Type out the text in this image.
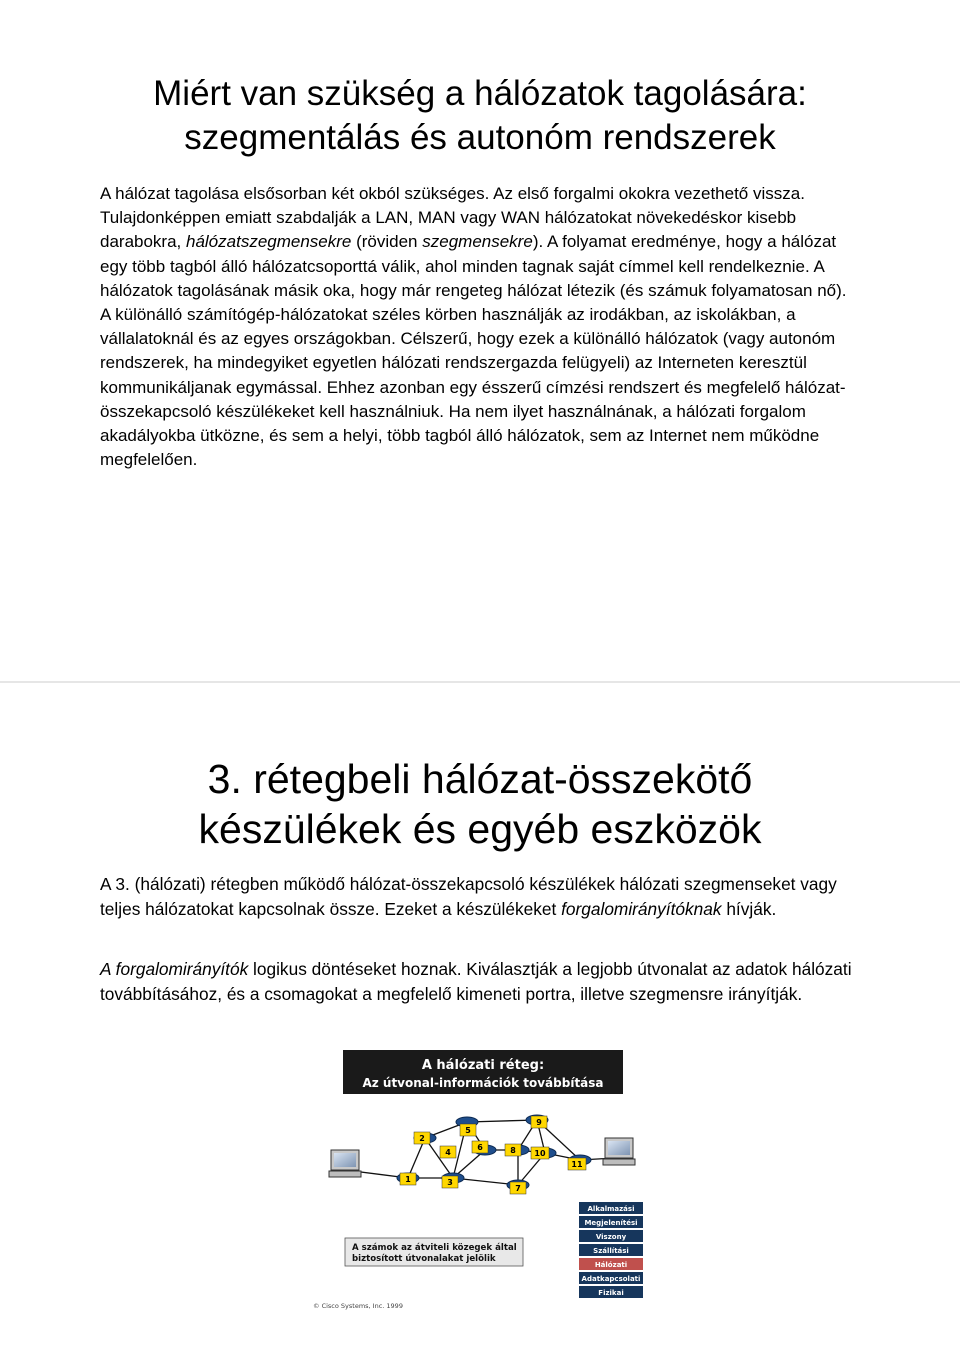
Miért van szükség a hálózatok tagolására:
szegmentálás és autonóm rendszerek

A hálózat tagolása elsősorban két okból szükséges. Az első forgalmi okokra vezethető vissza. Tulajdonképpen emiatt szabdalják a LAN, MAN vagy WAN hálózatokat növekedéskor kisebb darabokra, hálózatszegmensekre (röviden szegmensekre). A folyamat eredménye, hogy a hálózat egy több tagból álló hálózatcsoporttá válik, ahol minden tagnak saját címmel kell rendelkeznie. A hálózatok tagolásának másik oka, hogy már rengeteg hálózat létezik (és számuk folyamatosan nő). A különálló számítógép-hálózatokat széles körben használják az irodákban, az iskolákban, a vállalatoknál és az egyes országokban. Célszerű, hogy ezek a különálló hálózatok (vagy autonóm rendszerek, ha mindegyiket egyetlen hálózati rendszergazda felügyeli) az Interneten keresztül kommunikáljanak egymással. Ehhez azonban egy ésszerű címzési rendszert és megfelelő hálózat-összekapcsoló készülékeket kell használniuk. Ha nem ilyet használnának, a hálózati forgalom akadályokba ütközne, és sem a helyi, több tagból álló hálózatok, sem az Internet nem működne megfelelően.

3. rétegbeli hálózat-összekötő
készülékek és egyéb eszközök

A 3. (hálózati) rétegben működő hálózat-összekapcsoló készülékek hálózati szegmenseket vagy teljes hálózatokat kapcsolnak össze. Ezeket a készülékeket forgalomirányítóknak hívják.

A forgalomirányítók logikus döntéseket hoznak. Kiválasztják a legjobb útvonalat az adatok hálózati továbbításához, és a csomagokat a megfelelő kimeneti portra, illetve szegmensre irányítják.

A hálózati réteg:
Az útvonal-információk továbbítása
1
2
3
4
5
6
7
8
9
10
11
A számok az átviteli közegek által
biztosított útvonalakat jelölik
Alkalmazási
Megjelenítési
Viszony
Szállítási
Hálózati
Adatkapcsolati
Fizikai
© Cisco Systems, Inc. 1999
